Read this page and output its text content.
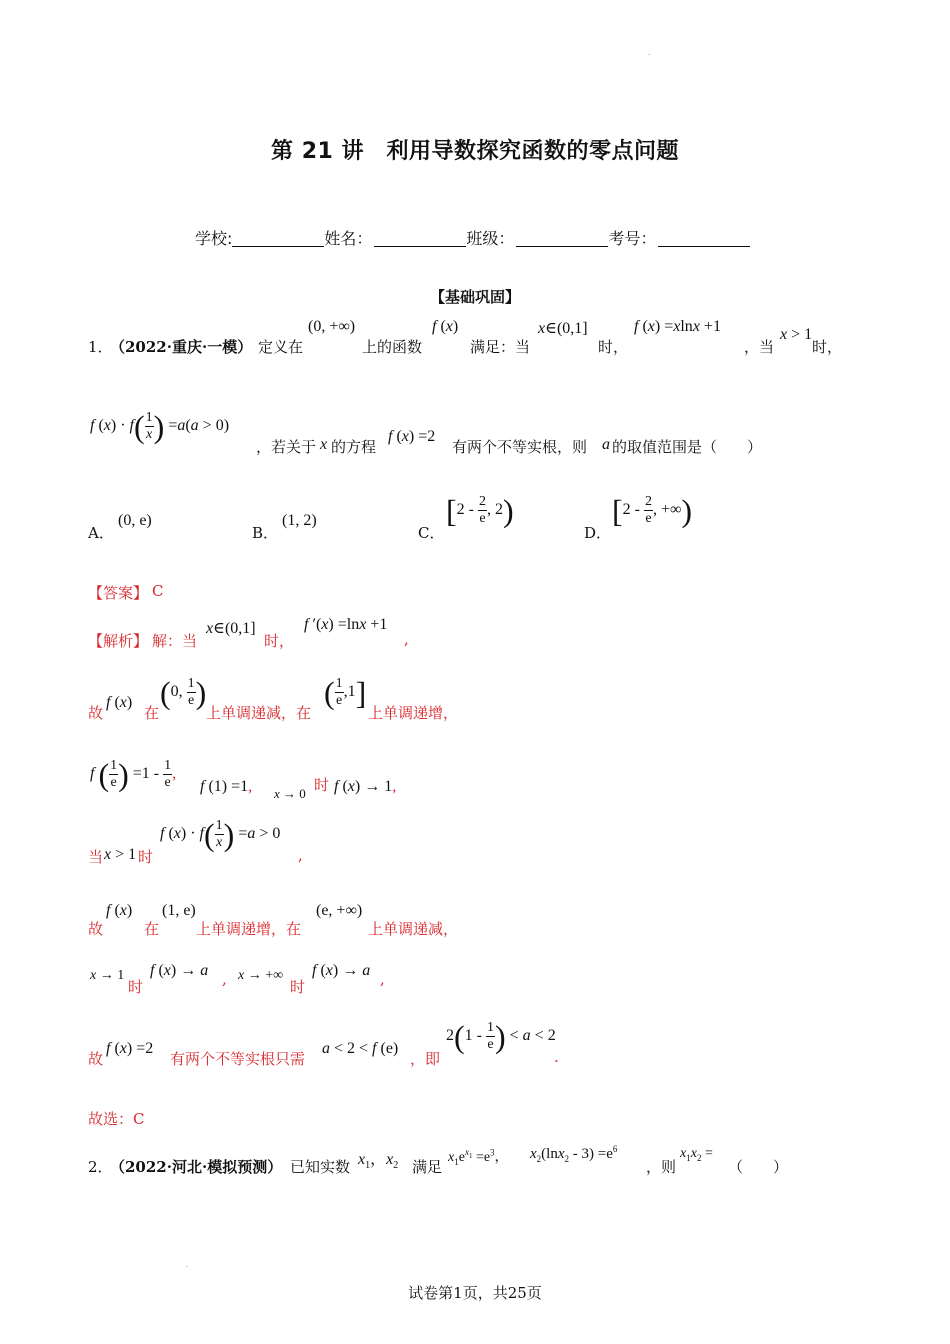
.
.
第 21 讲　利用导数探究函数的零点问题
学校:	姓名：	班级：	考号：
【基础巩固】
1．
（2022·重庆·一模） 定义在
(0, +∞)
上的函数
f (x)
满足：当
x∈(0,1]
时，
f (x) =xlnx +1
，当
x > 1
时，
f $(x) \cdot f( \frac{1}{x}$ ) =a(a > 0)
，若关于 x 的方程
f (x) =2
有两个不等实根，则 a 的取值范围是（　　）
A．
(0, e)
B．
(1, 2)
C．
[$2 - \frac{2}{e}$ , 2)
D．
[$2 - \frac{2}{e}$ , +∞)
【答案】 C
【解析】 解：当
x∈(0,1]
时，
f ′(x) =lnx +1
,
故
f (x)
在
(0, $\frac{1}{e}$ )
上单调递减，在
( $\frac{1}{e} ,1$]
上单调递增，
f ( $\frac{1}{e}$ ) $=1 - \frac{1}{e}$ ,
f (1) =1, x → 0 时 f (x) → 1,
当 x > 1 时
f $(x) \cdot f( \frac{1}{x}$ ) =a > 0
,
故
f (x)
在
(1, e)
上单调递增，在
(e, +∞)
上单调递减，
x → 1
时
f (x) → a , x → +∞
时
f (x) → a ,
故
f (x) =2
有两个不等实根只需
a < 2 < f (e)
，即
$2(1 - \frac{1}{e}$ ) < a < 2
.
故选：C
2．
（2022·河北·模拟预测） 已知实数 $x_1$，$x_2$ 满足
$x_1e^{x_1} =e^3$， $x_2(\ln x_2 - 3) =e^6$
，则
$x_1x_2$ =
（　　）
试卷第1页，共25页
